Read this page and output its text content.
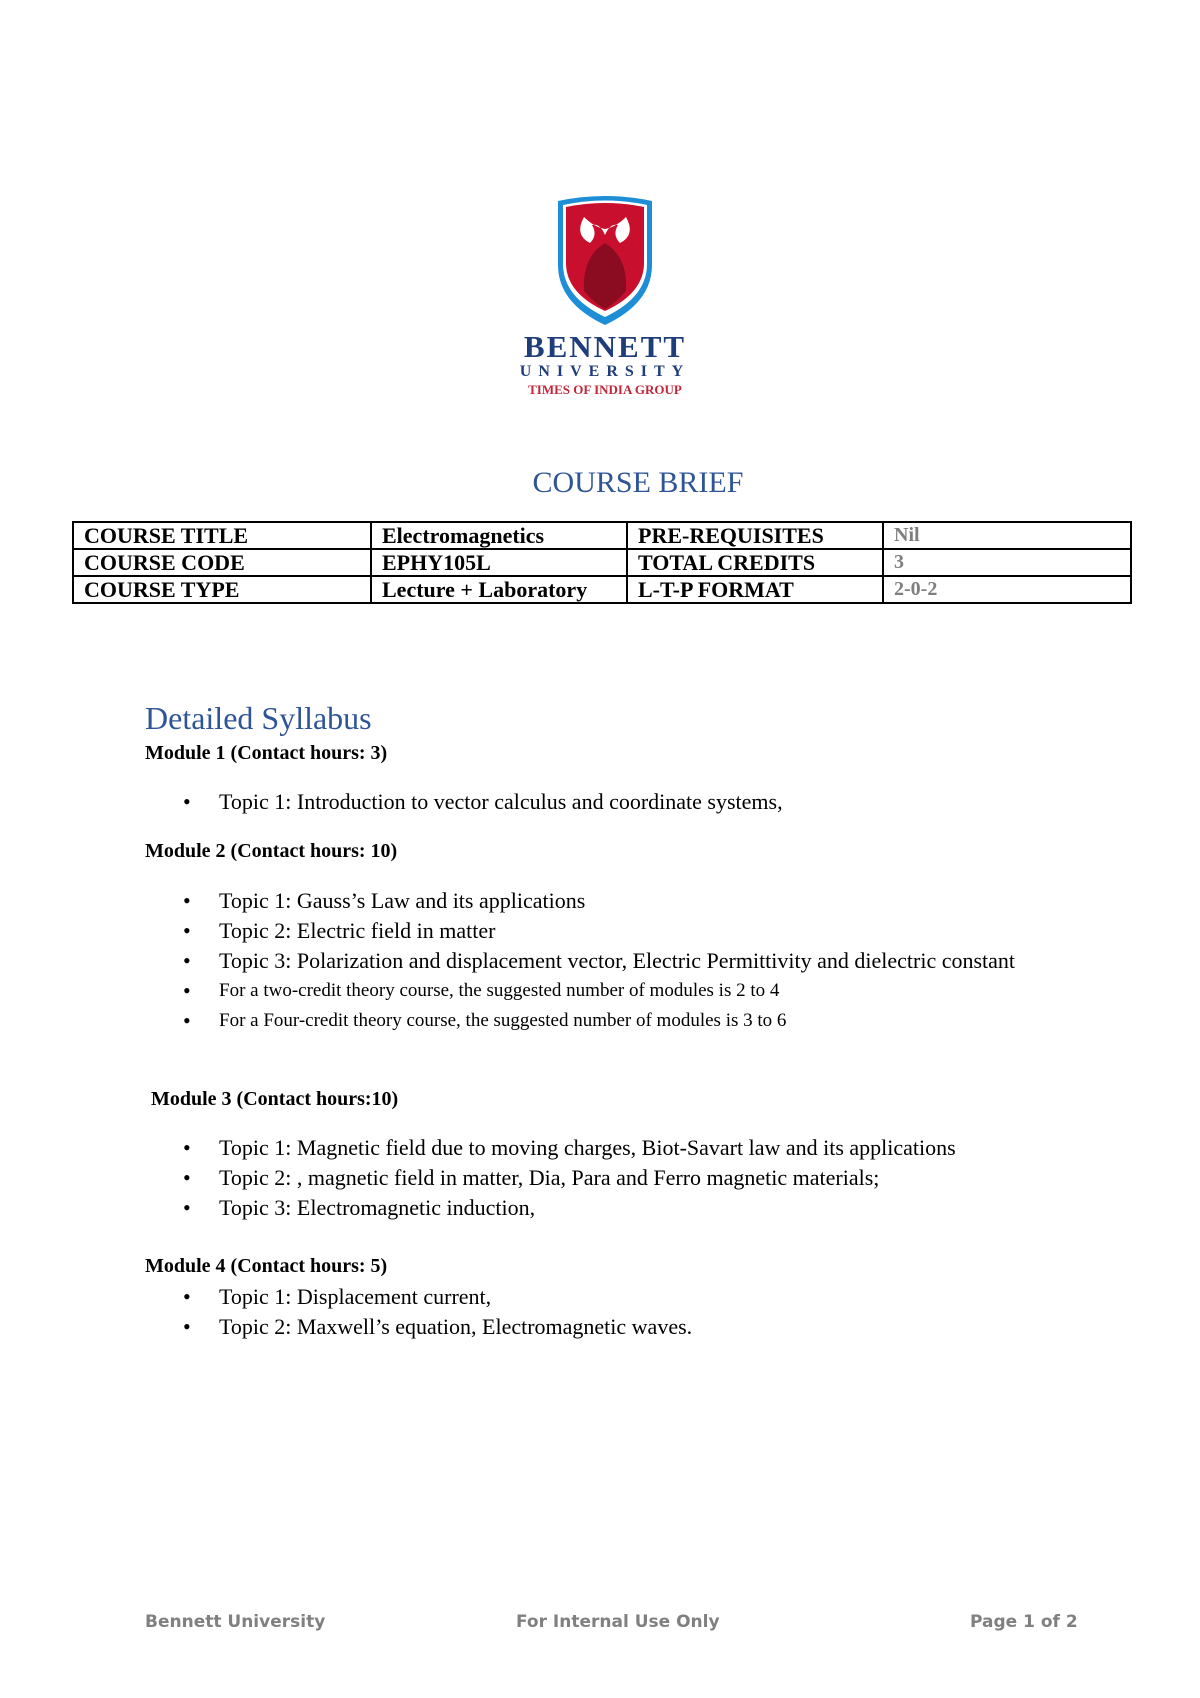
BENNETT
UNIVERSITY
TIMES OF INDIA GROUP
COURSE BRIEF
COURSE TITLE	Electromagnetics	PRE-REQUISITES	Nil
COURSE CODE	EPHY105L	TOTAL CREDITS	3
COURSE TYPE	Lecture + Laboratory	L-T-P FORMAT	2-0-2
Detailed Syllabus
Module 1 (Contact hours: 3)
• Topic 1: Introduction to vector calculus and coordinate systems,
Module 2 (Contact hours: 10)
• Topic 1: Gauss’s Law and its applications
• Topic 2: Electric field in matter
• Topic 3: Polarization and displacement vector, Electric Permittivity and dielectric constant
• For a two-credit theory course, the suggested number of modules is 2 to 4
• For a Four-credit theory course, the suggested number of modules is 3 to 6
Module 3 (Contact hours:10)
• Topic 1: Magnetic field due to moving charges, Biot-Savart law and its applications
• Topic 2: , magnetic field in matter, Dia, Para and Ferro magnetic materials;
• Topic 3: Electromagnetic induction,
Module 4 (Contact hours: 5)
• Topic 1: Displacement current,
• Topic 2: Maxwell’s equation, Electromagnetic waves.
Bennett University	For Internal Use Only	Page 1 of 2
